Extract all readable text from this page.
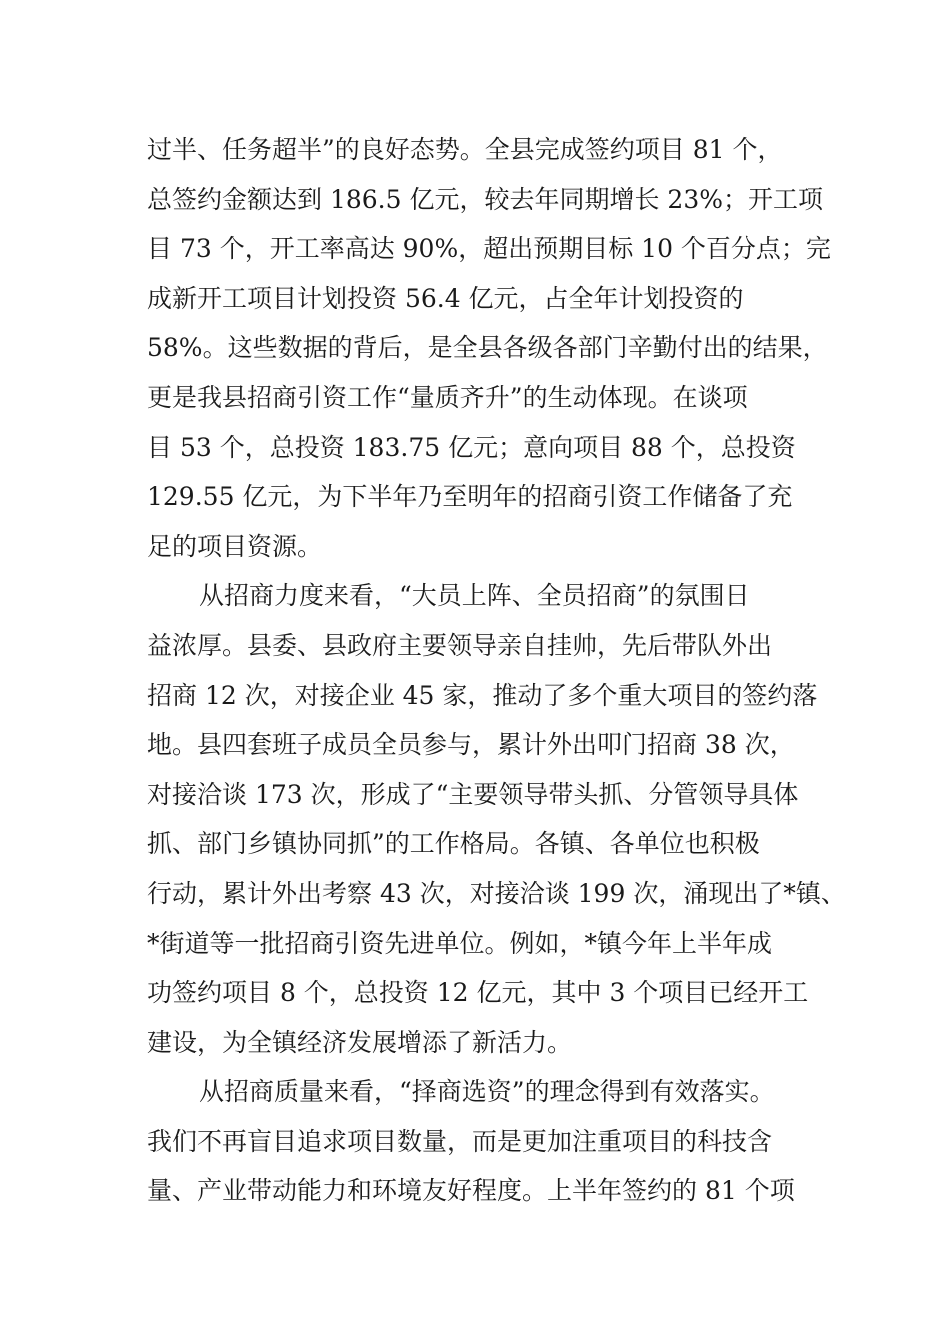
过半、任务超半”的良好态势。全县完成签约项目 81 个，
总签约金额达到 186.5 亿元，较去年同期增长 23%；开工项
目 73 个，开工率高达 90%，超出预期目标 10 个百分点；完
成新开工项目计划投资 56.4 亿元，占全年计划投资的
58%。这些数据的背后，是全县各级各部门辛勤付出的结果，
更是我县招商引资工作“量质齐升”的生动体现。在谈项
目 53 个，总投资 183.75 亿元；意向项目 88 个，总投资
129.55 亿元，为下半年乃至明年的招商引资工作储备了充
足的项目资源。
从招商力度来看，“大员上阵、全员招商”的氛围日
益浓厚。县委、县政府主要领导亲自挂帅，先后带队外出
招商 12 次，对接企业 45 家，推动了多个重大项目的签约落
地。县四套班子成员全员参与，累计外出叩门招商 38 次，
对接洽谈 173 次，形成了“主要领导带头抓、分管领导具体
抓、部门乡镇协同抓”的工作格局。各镇、各单位也积极
行动，累计外出考察 43 次，对接洽谈 199 次，涌现出了*镇、
*街道等一批招商引资先进单位。例如，*镇今年上半年成
功签约项目 8 个，总投资 12 亿元，其中 3 个项目已经开工
建设，为全镇经济发展增添了新活力。
从招商质量来看，“择商选资”的理念得到有效落实。
我们不再盲目追求项目数量，而是更加注重项目的科技含
量、产业带动能力和环境友好程度。上半年签约的 81 个项
